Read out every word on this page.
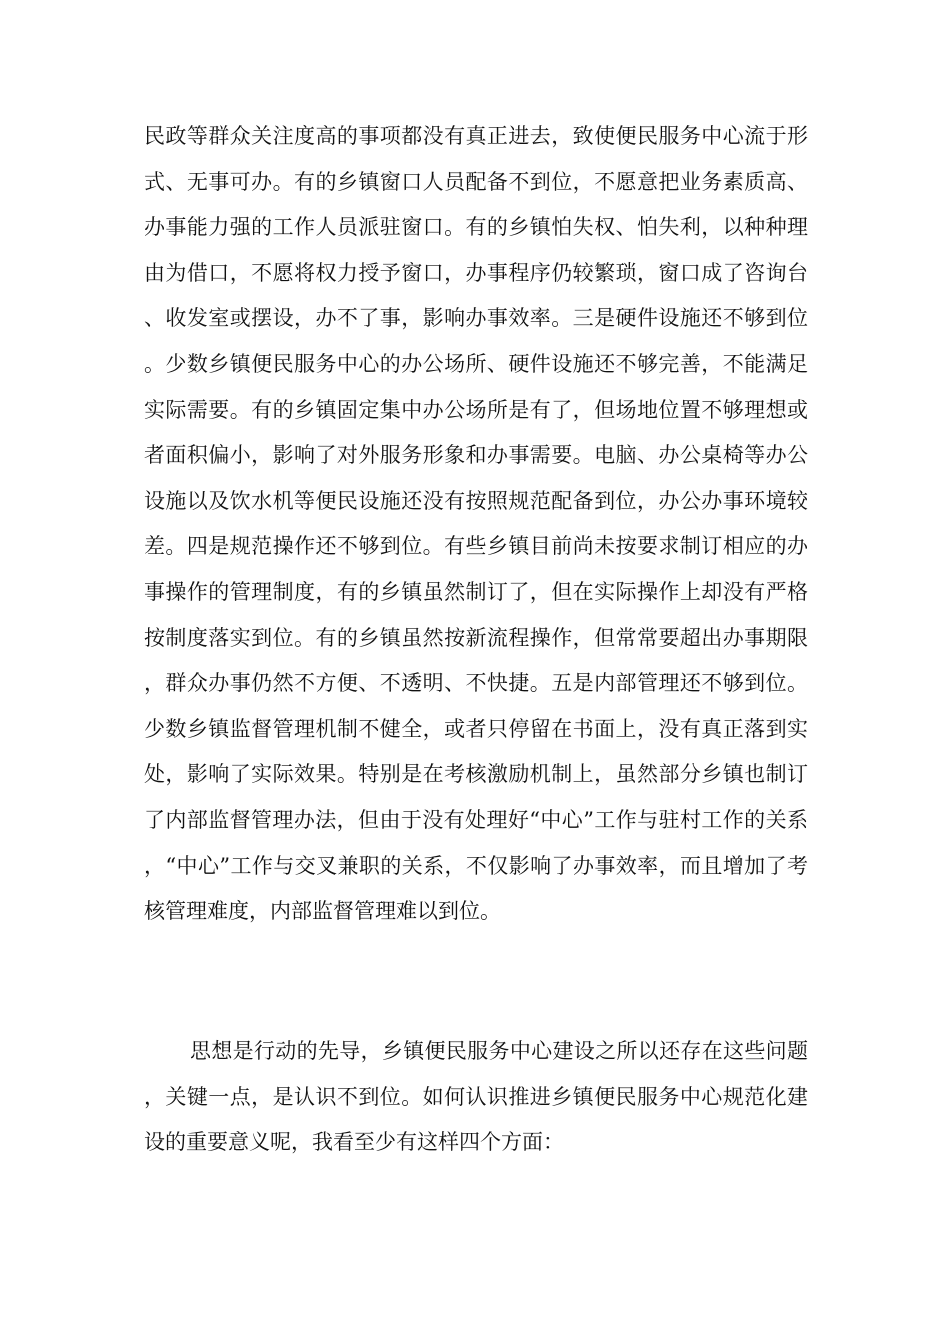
民政等群众关注度高的事项都没有真正进去，致使便民服务中心流于形式、无事可办。有的乡镇窗口人员配备不到位，不愿意把业务素质高、办事能力强的工作人员派驻窗口。有的乡镇怕失权、怕失利，以种种理由为借口，不愿将权力授予窗口，办事程序仍较繁琐，窗口成了咨询台、收发室或摆设，办不了事，影响办事效率。三是硬件设施还不够到位。少数乡镇便民服务中心的办公场所、硬件设施还不够完善，不能满足实际需要。有的乡镇固定集中办公场所是有了，但场地位置不够理想或者面积偏小，影响了对外服务形象和办事需要。电脑、办公桌椅等办公设施以及饮水机等便民设施还没有按照规范配备到位，办公办事环境较差。四是规范操作还不够到位。有些乡镇目前尚未按要求制订相应的办事操作的管理制度，有的乡镇虽然制订了，但在实际操作上却没有严格按制度落实到位。有的乡镇虽然按新流程操作，但常常要超出办事期限，群众办事仍然不方便、不透明、不快捷。五是内部管理还不够到位。少数乡镇监督管理机制不健全，或者只停留在书面上，没有真正落到实处，影响了实际效果。特别是在考核激励机制上，虽然部分乡镇也制订了内部监督管理办法，但由于没有处理好“中心”工作与驻村工作的关系，“中心”工作与交叉兼职的关系，不仅影响了办事效率，而且增加了考核管理难度，内部监督管理难以到位。

思想是行动的先导，乡镇便民服务中心建设之所以还存在这些问题，关键一点，是认识不到位。如何认识推进乡镇便民服务中心规范化建设的重要意义呢，我看至少有这样四个方面：
